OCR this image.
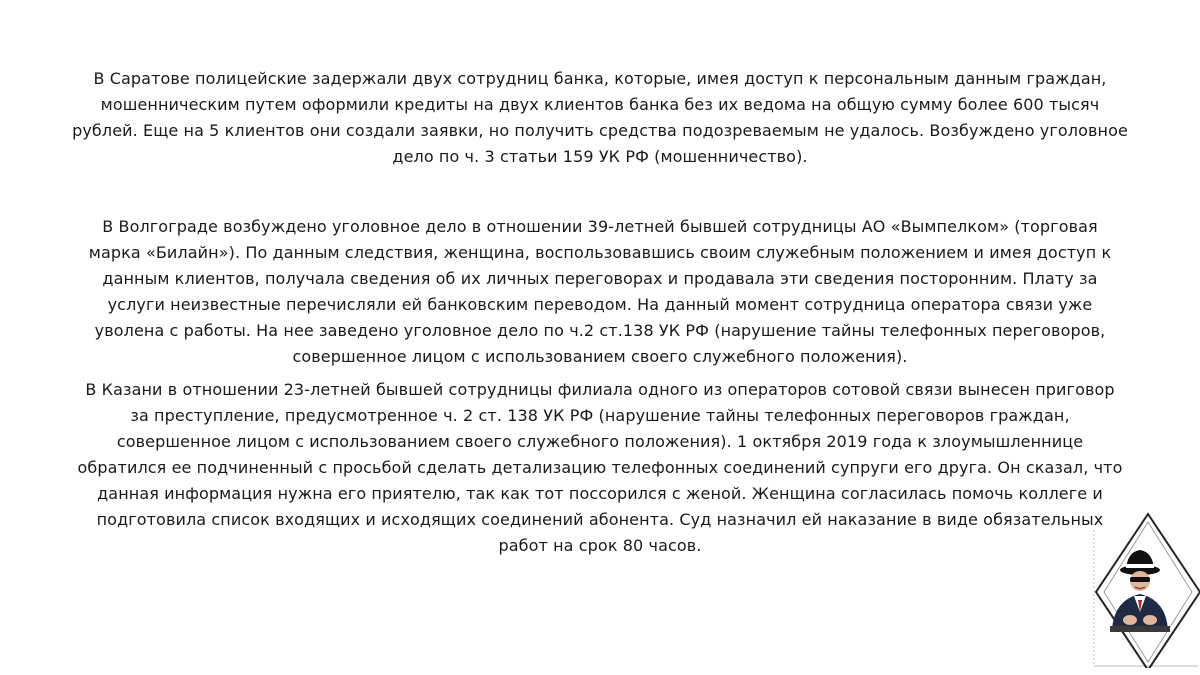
В Саратове полицейские задержали двух сотрудниц банка, которые, имея доступ к персональным данным граждан,
мошенническим путем оформили кредиты на двух клиентов банка без их ведома на общую сумму более 600 тысяч
рублей. Еще на 5 клиентов они создали заявки, но получить средства подозреваемым не удалось. Возбуждено уголовное
дело по ч. 3 статьи 159 УК РФ (мошенничество).

В Волгограде возбуждено уголовное дело в отношении 39-летней бывшей сотрудницы АО «Вымпелком» (торговая
марка «Билайн»). По данным следствия, женщина, воспользовавшись своим служебным положением и имея доступ к
данным клиентов, получала сведения об их личных переговорах и продавала эти сведения посторонним. Плату за
услуги неизвестные перечисляли ей банковским переводом. На данный момент сотрудница оператора связи уже
уволена с работы. На нее заведено уголовное дело по ч.2 ст.138 УК РФ (нарушение тайны телефонных переговоров,
совершенное лицом с использованием своего служебного положения).

В Казани в отношении 23-летней бывшей сотрудницы филиала одного из операторов сотовой связи вынесен приговор
за преступление, предусмотренное ч. 2 ст. 138 УК РФ (нарушение тайны телефонных переговоров граждан,
совершенное лицом с использованием своего служебного положения). 1 октября 2019 года к злоумышленнице
обратился ее подчиненный с просьбой сделать детализацию телефонных соединений супруги его друга. Он сказал, что
данная информация нужна его приятелю, так как тот поссорился с женой. Женщина согласилась помочь коллеге и
подготовила список входящих и исходящих соединений абонента. Суд назначил ей наказание в виде обязательных
работ на срок 80 часов.
